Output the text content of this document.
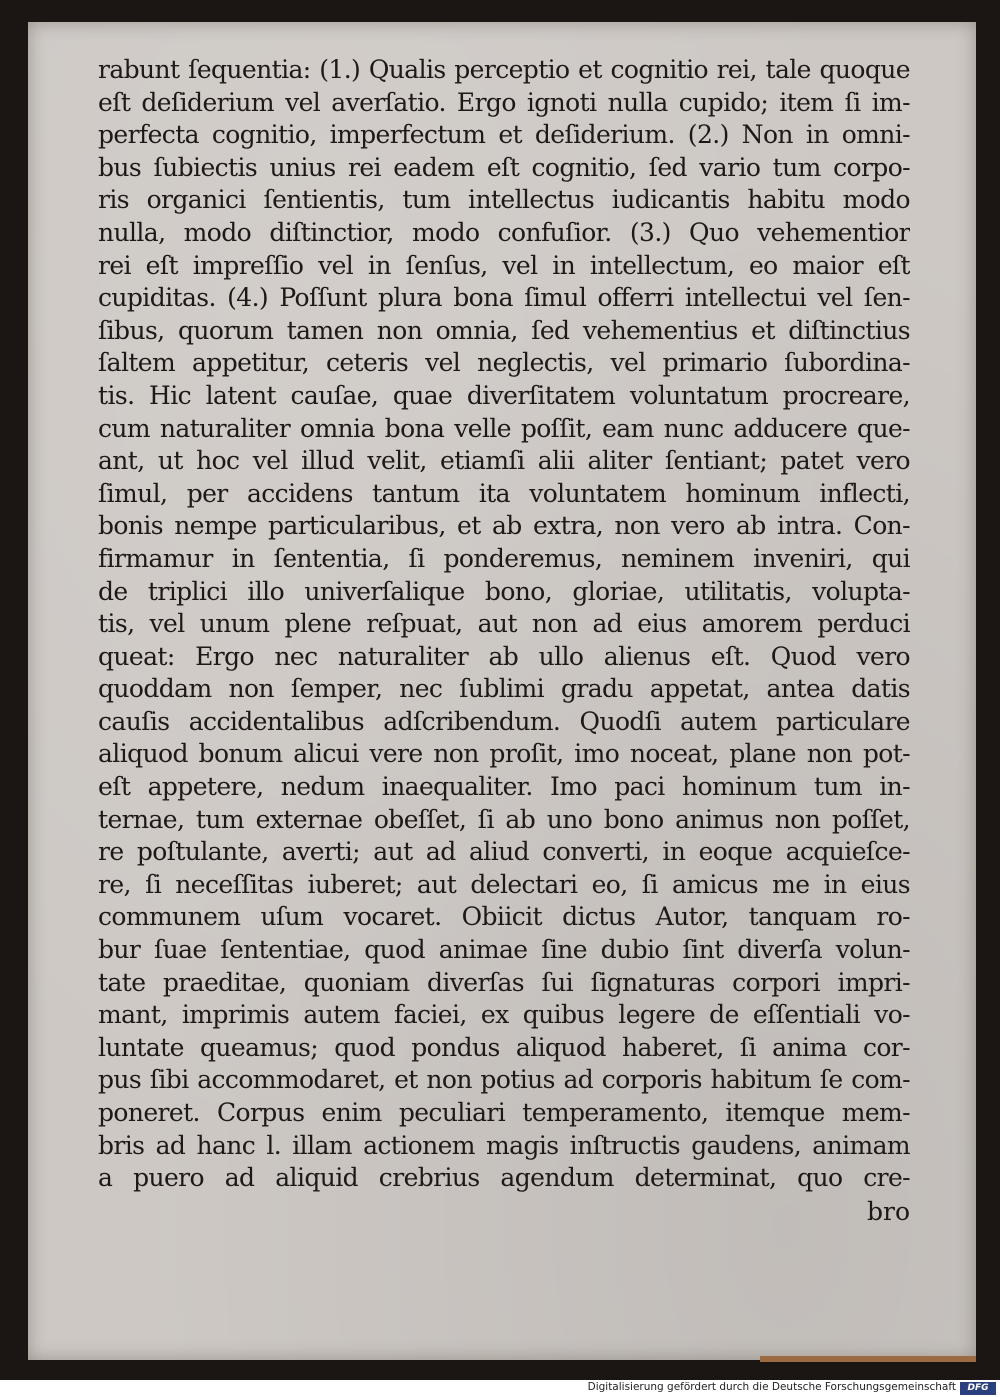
rabunt ſequentia: (1.) Qualis perceptio et cognitio rei, tale quoque
eſt deſiderium vel averſatio. Ergo ignoti nulla cupido; item ſi im-
perfecta cognitio, imperfectum et deſiderium. (2.) Non in omni-
bus ſubiectis unius rei eadem eſt cognitio, ſed vario tum corpo-
ris organici ſentientis, tum intellectus iudicantis habitu modo
nulla, modo diſtinctior, modo confuſior. (3.) Quo vehementior
rei eſt impreſſio vel in ſenſus, vel in intellectum, eo maior eſt
cupiditas. (4.) Poſſunt plura bona ſimul offerri intellectui vel ſen-
ſibus, quorum tamen non omnia, ſed vehementius et diſtinctius
ſaltem appetitur, ceteris vel neglectis, vel primario ſubordina-
tis. Hic latent cauſae, quae diverſitatem voluntatum procreare,
cum naturaliter omnia bona velle poſſit, eam nunc adducere que-
ant, ut hoc vel illud velit, etiamſi alii aliter ſentiant; patet vero
ſimul, per accidens tantum ita voluntatem hominum inflecti,
bonis nempe particularibus, et ab extra, non vero ab intra. Con-
firmamur in ſententia, ſi ponderemus, neminem inveniri, qui
de triplici illo univerſalique bono, gloriae, utilitatis, volupta-
tis, vel unum plene reſpuat, aut non ad eius amorem perduci
queat: Ergo nec naturaliter ab ullo alienus eſt. Quod vero
quoddam non ſemper, nec ſublimi gradu appetat, antea datis
cauſis accidentalibus adſcribendum. Quodſi autem particulare
aliquod bonum alicui vere non proſit, imo noceat, plane non pot-
eſt appetere, nedum inaequaliter. Imo paci hominum tum in-
ternae, tum externae obeſſet, ſi ab uno bono animus non poſſet,
re poſtulante, averti; aut ad aliud converti, in eoque acquieſce-
re, ſi neceſſitas iuberet; aut delectari eo, ſi amicus me in eius
communem uſum vocaret. Obiicit dictus Autor, tanquam ro-
bur ſuae ſententiae, quod animae ſine dubio ſint diverſa volun-
tate praeditae, quoniam diverſas ſui ſignaturas corpori impri-
mant, imprimis autem faciei, ex quibus legere de eſſentiali vo-
luntate queamus; quod pondus aliquod haberet, ſi anima cor-
pus ſibi accommodaret, et non potius ad corporis habitum ſe com-
poneret. Corpus enim peculiari temperamento, itemque mem-
bris ad hanc l. illam actionem magis inſtructis gaudens, animam
a puero ad aliquid crebrius agendum determinat, quo cre-
bro
Digitalisierung gefördert durch die Deutsche Forschungsgemeinschaft	DFG
